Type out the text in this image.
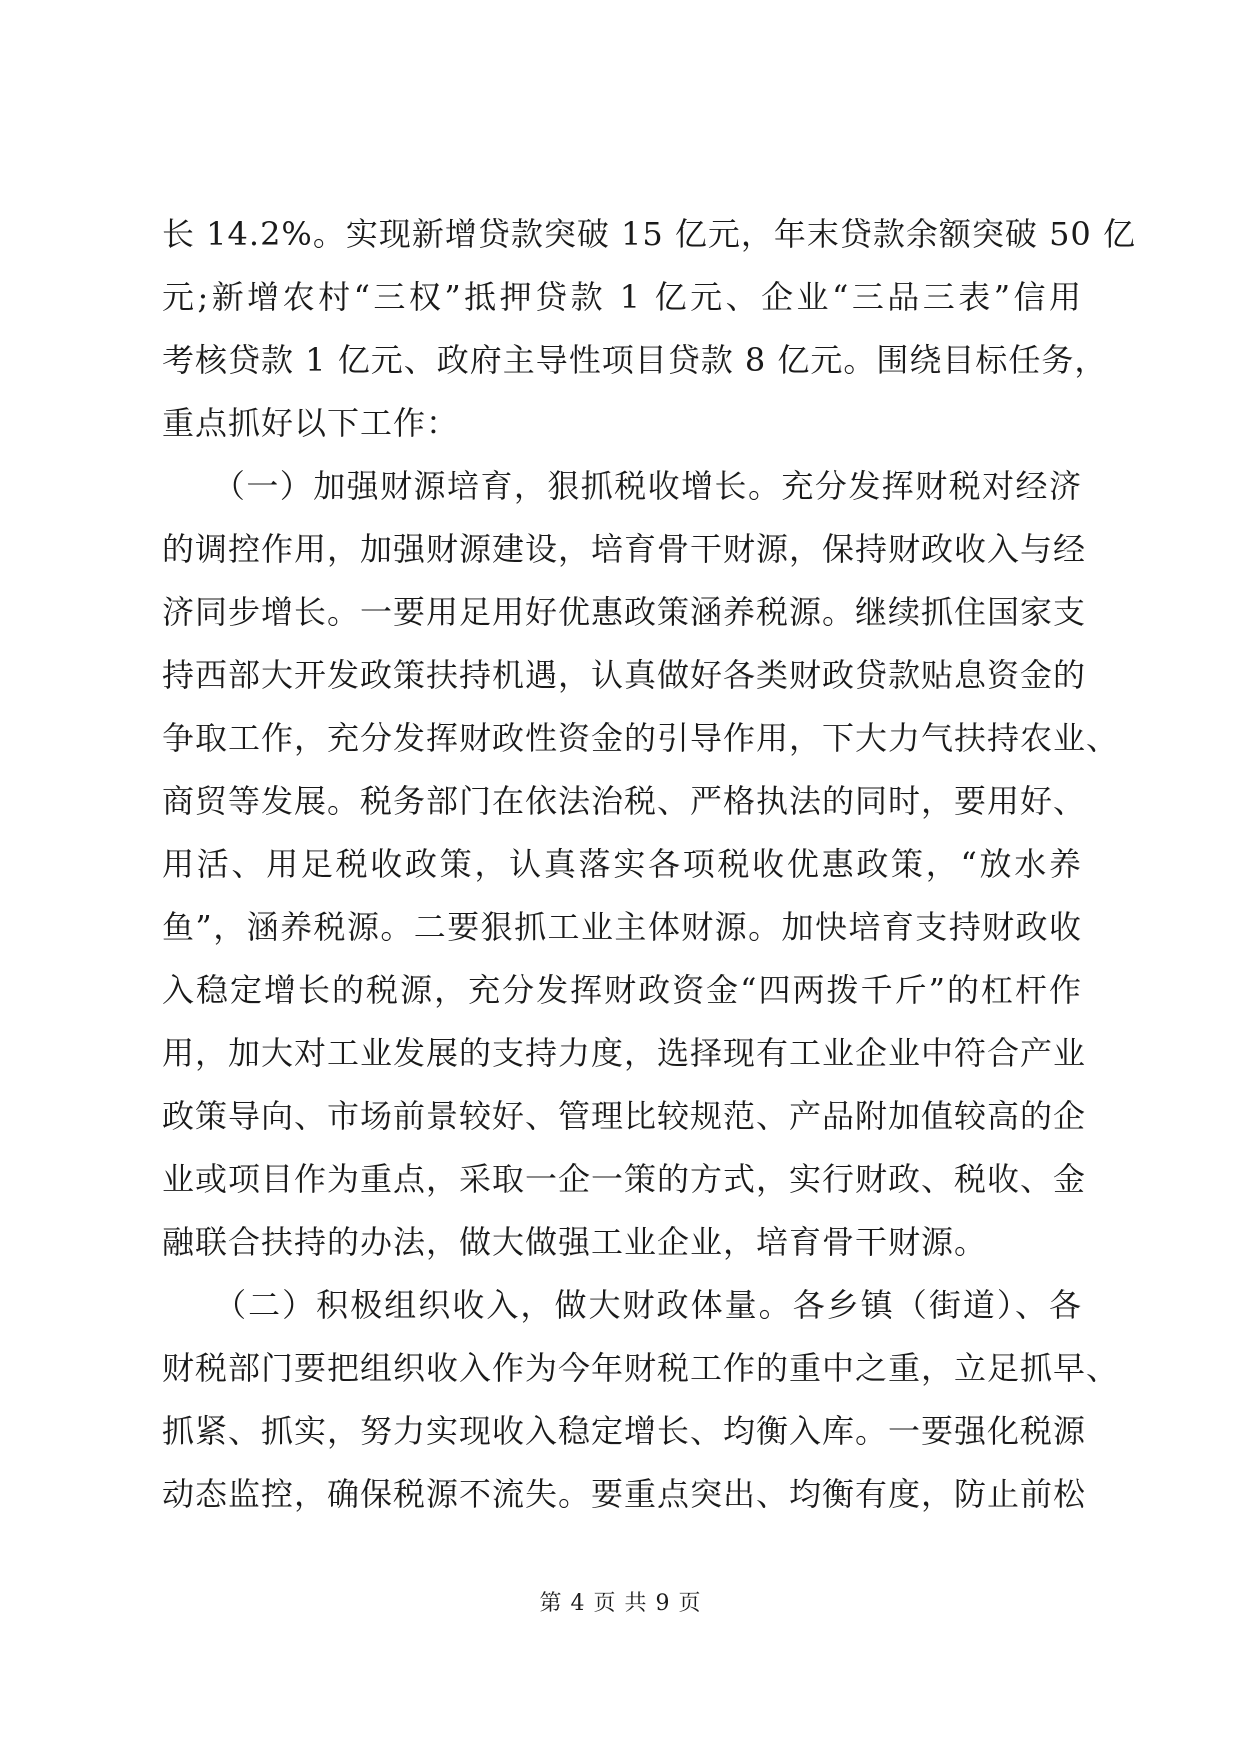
长 14.2%。实现新增贷款突破 15 亿元，年末贷款余额突破 50 亿
元;新增农村“三权”抵押贷款 1 亿元、企业“三品三表”信用
考核贷款 1 亿元、政府主导性项目贷款 8 亿元。围绕目标任务，
重点抓好以下工作：
　　（一）加强财源培育，狠抓税收增长。充分发挥财税对经济
的调控作用，加强财源建设，培育骨干财源，保持财政收入与经
济同步增长。一要用足用好优惠政策涵养税源。继续抓住国家支
持西部大开发政策扶持机遇，认真做好各类财政贷款贴息资金的
争取工作，充分发挥财政性资金的引导作用，下大力气扶持农业、
商贸等发展。税务部门在依法治税、严格执法的同时，要用好、
用活、用足税收政策，认真落实各项税收优惠政策，“放水养
鱼”，涵养税源。二要狠抓工业主体财源。加快培育支持财政收
入稳定增长的税源，充分发挥财政资金“四两拨千斤”的杠杆作
用，加大对工业发展的支持力度，选择现有工业企业中符合产业
政策导向、市场前景较好、管理比较规范、产品附加值较高的企
业或项目作为重点，采取一企一策的方式，实行财政、税收、金
融联合扶持的办法，做大做强工业企业，培育骨干财源。
　　（二）积极组织收入，做大财政体量。各乡镇（街道）、各
财税部门要把组织收入作为今年财税工作的重中之重，立足抓早、
抓紧、抓实，努力实现收入稳定增长、均衡入库。一要强化税源
动态监控，确保税源不流失。要重点突出、均衡有度，防止前松
第 4 页 共 9 页
